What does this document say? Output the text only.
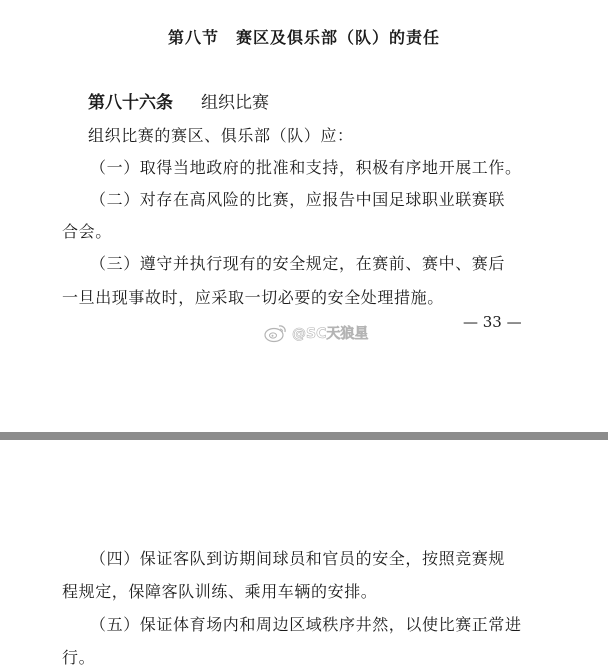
第八节　赛区及俱乐部（队）的责任
第八十六条 组织比赛
组织比赛的赛区、俱乐部（队）应：
（一）取得当地政府的批准和支持，积极有序地开展工作。
（二）对存在高风险的比赛，应报告中国足球职业联赛联
合会。
（三）遵守并执行现有的安全规定，在赛前、赛中、赛后
一旦出现事故时，应采取一切必要的安全处理措施。
— 33 —
@SC天狼星
（四）保证客队到访期间球员和官员的安全，按照竞赛规
程规定，保障客队训练、乘用车辆的安排。
（五）保证体育场内和周边区域秩序井然，以使比赛正常进
行。
